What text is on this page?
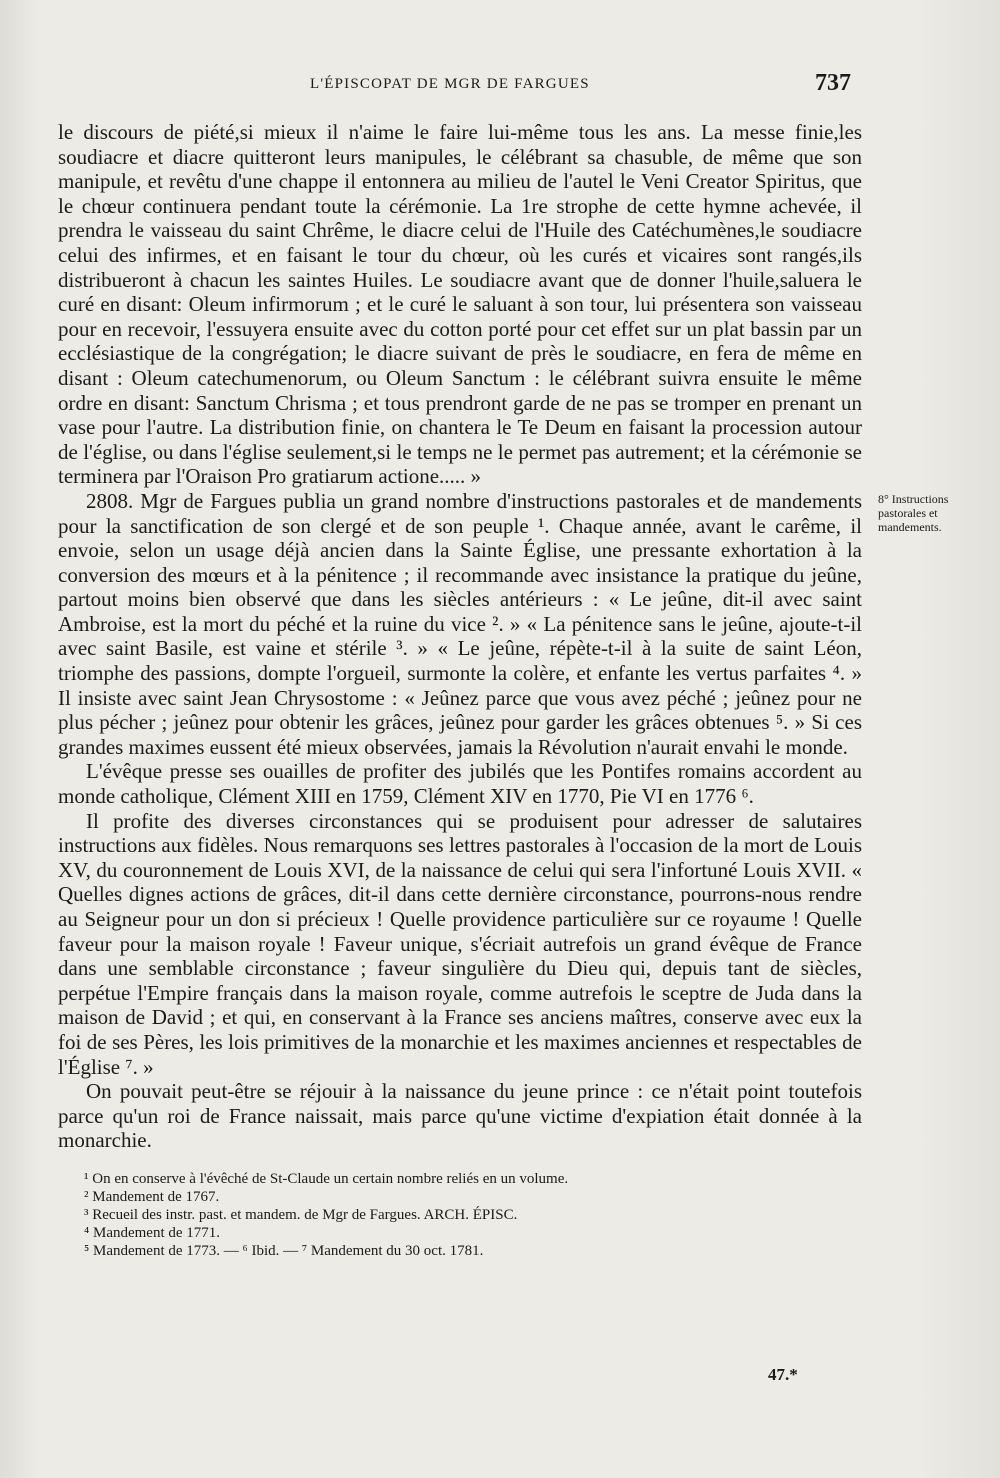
L'ÉPISCOPAT DE MGR DE FARGUES	737

le discours de piété,si mieux il n'aime le faire lui-même tous les ans. La messe finie,les soudiacre et diacre quitteront leurs manipules, le célébrant sa chasuble, de même que son manipule, et revêtu d'une chappe il entonnera au milieu de l'autel le Veni Creator Spiritus, que le chœur continuera pendant toute la cérémonie. La 1re strophe de cette hymne achevée, il prendra le vaisseau du saint Chrême, le diacre celui de l'Huile des Catéchumènes,le soudiacre celui des infirmes, et en faisant le tour du chœur, où les curés et vicaires sont rangés,ils distribueront à chacun les saintes Huiles. Le soudiacre avant que de donner l'huile,saluera le curé en disant: Oleum infirmorum ; et le curé le saluant à son tour, lui présentera son vaisseau pour en recevoir, l'essuyera ensuite avec du cotton porté pour cet effet sur un plat bassin par un ecclésiastique de la congrégation; le diacre suivant de près le soudiacre, en fera de même en disant : Oleum catechumenorum, ou Oleum Sanctum : le célébrant suivra ensuite le même ordre en disant: Sanctum Chrisma ; et tous prendront garde de ne pas se tromper en prenant un vase pour l'autre. La distribution finie, on chantera le Te Deum en faisant la procession autour de l'église, ou dans l'église seulement,si le temps ne le permet pas autrement; et la cérémonie se terminera par l'Oraison Pro gratiarum actione..... »

2808. Mgr de Fargues publia un grand nombre d'instructions pastorales et de mandements pour la sanctification de son clergé et de son peuple ¹. Chaque année, avant le carême, il envoie, selon un usage déjà ancien dans la Sainte Église, une pressante exhortation à la conversion des mœurs et à la pénitence ; il recommande avec insistance la pratique du jeûne, partout moins bien observé que dans les siècles antérieurs : « Le jeûne, dit-il avec saint Ambroise, est la mort du péché et la ruine du vice ². » « La pénitence sans le jeûne, ajoute-t-il avec saint Basile, est vaine et stérile ³. » « Le jeûne, répète-t-il à la suite de saint Léon, triomphe des passions, dompte l'orgueil, surmonte la colère, et enfante les vertus parfaites ⁴. » Il insiste avec saint Jean Chrysostome : « Jeûnez parce que vous avez péché ; jeûnez pour ne plus pécher ; jeûnez pour obtenir les grâces, jeûnez pour garder les grâces obtenues ⁵. » Si ces grandes maximes eussent été mieux observées, jamais la Révolution n'aurait envahi le monde.

L'évêque presse ses ouailles de profiter des jubilés que les Pontifes romains accordent au monde catholique, Clément XIII en 1759, Clément XIV en 1770, Pie VI en 1776 ⁶.

Il profite des diverses circonstances qui se produisent pour adresser de salutaires instructions aux fidèles. Nous remarquons ses lettres pastorales à l'occasion de la mort de Louis XV, du couronnement de Louis XVI, de la naissance de celui qui sera l'infortuné Louis XVII. « Quelles dignes actions de grâces, dit-il dans cette dernière circonstance, pourrons-nous rendre au Seigneur pour un don si précieux ! Quelle providence particulière sur ce royaume ! Quelle faveur pour la maison royale ! Faveur unique, s'écriait autrefois un grand évêque de France dans une semblable circonstance ; faveur singulière du Dieu qui, depuis tant de siècles, perpétue l'Empire français dans la maison royale, comme autrefois le sceptre de Juda dans la maison de David ; et qui, en conservant à la France ses anciens maîtres, conserve avec eux la foi de ses Pères, les lois primitives de la monarchie et les maximes anciennes et respectables de l'Église ⁷. »

On pouvait peut-être se réjouir à la naissance du jeune prince : ce n'était point toutefois parce qu'un roi de France naissait, mais parce qu'une victime d'expiation était donnée à la monarchie.

8° Instructions pastorales et mandements.

¹ On en conserve à l'évêché de St-Claude un certain nombre reliés en un volume.

² Mandement de 1767.

³ Recueil des instr. past. et mandem. de Mgr de Fargues. ARCH. ÉPISC.

⁴ Mandement de 1771.

⁵ Mandement de 1773. — ⁶ Ibid. — ⁷ Mandement du 30 oct. 1781.

47.*
